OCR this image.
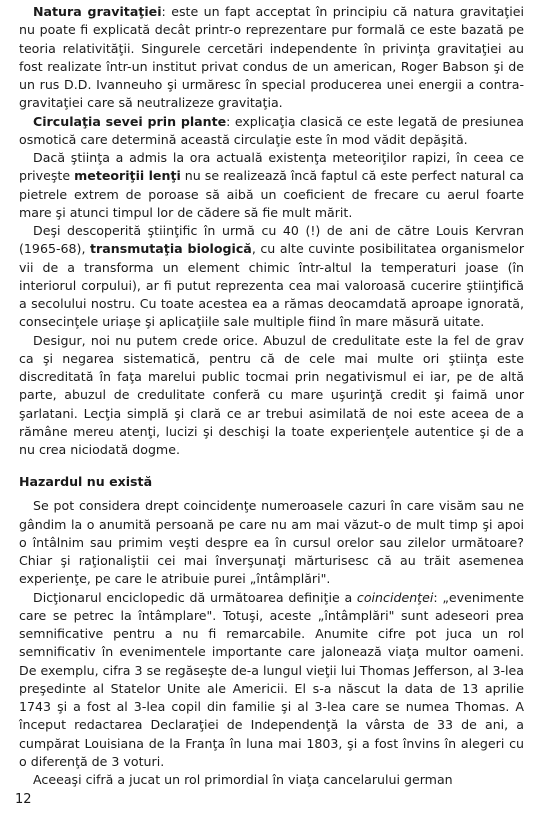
Natura gravitaţiei: este un fapt acceptat în principiu că natura gravitaţiei nu poate fi explicată decât printr-o reprezentare pur formală ce este bazată pe teoria relativităţii. Singurele cercetări independente în privinţa gravitaţiei au fost realizate într-un institut privat condus de un american, Roger Babson şi de un rus D.D. Ivanneuho şi urmăresc în special producerea unei energii a contra-gravitaţiei care să neutralizeze gravitaţia.

Circulaţia sevei prin plante: explicaţia clasică ce este legată de presiunea osmotică care determină această circulaţie este în mod vădit depăşită.

Dacă ştiinţa a admis la ora actuală existenţa meteoriţilor rapizi, în ceea ce priveşte meteoriţii lenţi nu se realizează încă faptul că este perfect natural ca pietrele extrem de poroase să aibă un coeficient de frecare cu aerul foarte mare şi atunci timpul lor de cădere să fie mult mărit.

Deşi descoperită ştiinţific în urmă cu 40 (!) de ani de către Louis Kervran (1965-68), transmutaţia biologică, cu alte cuvinte posibilitatea organismelor vii de a transforma un element chimic într-altul la temperaturi joase (în interiorul corpului), ar fi putut reprezenta cea mai valoroasă cucerire ştiinţifică a secolului nostru. Cu toate acestea ea a rămas deocamdată aproape ignorată, consecinţele uriaşe şi aplicaţiile sale multiple fiind în mare măsură uitate.

Desigur, noi nu putem crede orice. Abuzul de credulitate este la fel de grav ca şi negarea sistematică, pentru că de cele mai multe ori ştiinţa este discreditată în faţa marelui public tocmai prin negativismul ei iar, pe de altă parte, abuzul de credulitate conferă cu mare uşurinţă credit şi faimă unor şarlatani. Lecţia simplă şi clară ce ar trebui asimilată de noi este aceea de a rămâne mereu atenţi, lucizi şi deschişi la toate experienţele autentice şi de a nu crea niciodată dogme.

Hazardul nu există

Se pot considera drept coincidenţe numeroasele cazuri în care visăm sau ne gândim la o anumită persoană pe care nu am mai văzut-o de mult timp şi apoi o întâlnim sau primim veşti despre ea în cursul orelor sau zilelor următoare? Chiar şi raţionaliştii cei mai înverşunaţi mărturisesc că au trăit asemenea experienţe, pe care le atribuie purei „întâmplări".

Dicţionarul enciclopedic dă următoarea definiţie a coincidenţei: „evenimente care se petrec la întâmplare". Totuşi, aceste „întâmplări" sunt adeseori prea semnificative pentru a nu fi remarcabile. Anumite cifre pot juca un rol semnificativ în evenimentele importante care jalonează viaţa multor oameni. De exemplu, cifra 3 se regăseşte de-a lungul vieţii lui Thomas Jefferson, al 3-lea preşedinte al Statelor Unite ale Americii. El s-a născut la data de 13 aprilie 1743 şi a fost al 3-lea copil din familie şi al 3-lea care se numea Thomas. A început redactarea Declaraţiei de Independenţă la vârsta de 33 de ani, a cumpărat Louisiana de la Franţa în luna mai 1803, şi a fost învins în alegeri cu o diferenţă de 3 voturi.

Aceeaşi cifră a jucat un rol primordial în viaţa cancelarului german

12
